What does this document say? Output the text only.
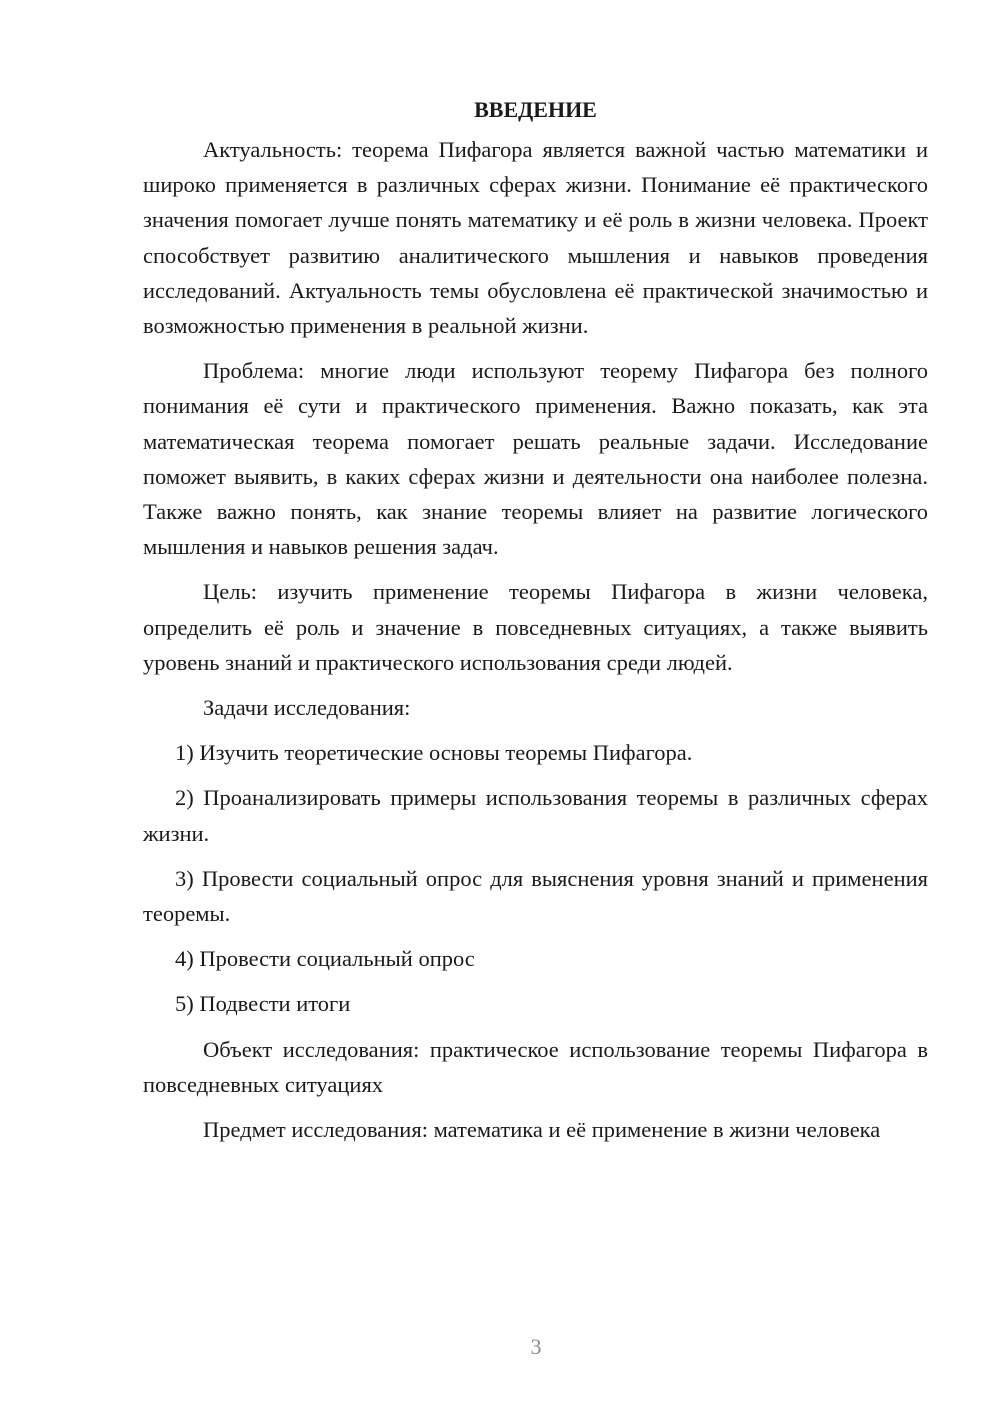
ВВЕДЕНИЕ

Актуальность: теорема Пифагора является важной частью математики и широко применяется в различных сферах жизни. Понимание её практического значения помогает лучше понять математику и её роль в жизни человека. Проект способствует развитию аналитического мышления и навыков проведения исследований. Актуальность темы обусловлена её практической значимостью и возможностью применения в реальной жизни.

Проблема: многие люди используют теорему Пифагора без полного понимания её сути и практического применения. Важно показать, как эта математическая теорема помогает решать реальные задачи. Исследование поможет выявить, в каких сферах жизни и деятельности она наиболее полезна. Также важно понять, как знание теоремы влияет на развитие логического мышления и навыков решения задач.

Цель: изучить применение теоремы Пифагора в жизни человека, определить её роль и значение в повседневных ситуациях, а также выявить уровень знаний и практического использования среди людей.

Задачи исследования:

1) Изучить теоретические основы теоремы Пифагора.

2) Проанализировать примеры использования теоремы в различных сферах жизни.

3) Провести социальный опрос для выяснения уровня знаний и применения теоремы.

4) Провести социальный опрос

5) Подвести итоги

Объект исследования: практическое использование теоремы Пифагора в повседневных ситуациях

Предмет исследования: математика и её применение в жизни человека

3
